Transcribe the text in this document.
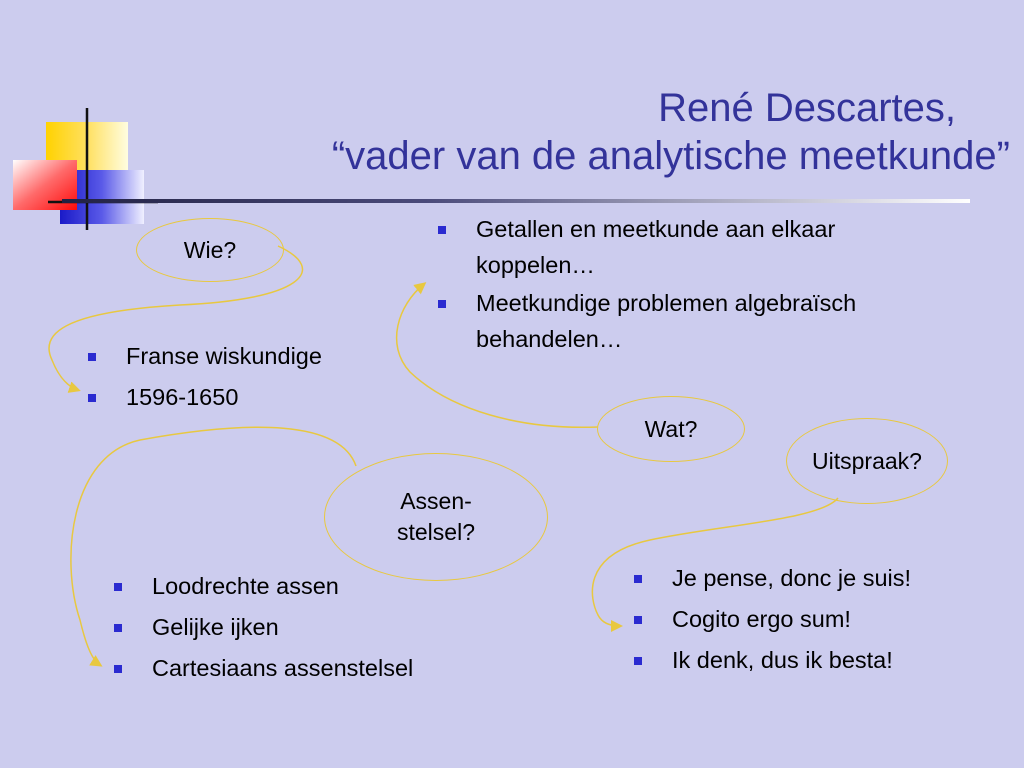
René Descartes,
“vader van de analytische meetkunde”
Wie?
Wat?
Uitspraak?
Assen-
stelsel?
Franse wiskundige
1596-1650
Getallen en meetkunde aan elkaar koppelen…
Meetkundige problemen algebraïsch behandelen…
Loodrechte assen
Gelijke ijken
Cartesiaans assenstelsel
Je pense, donc je suis!
Cogito ergo sum!
Ik denk, dus ik besta!
